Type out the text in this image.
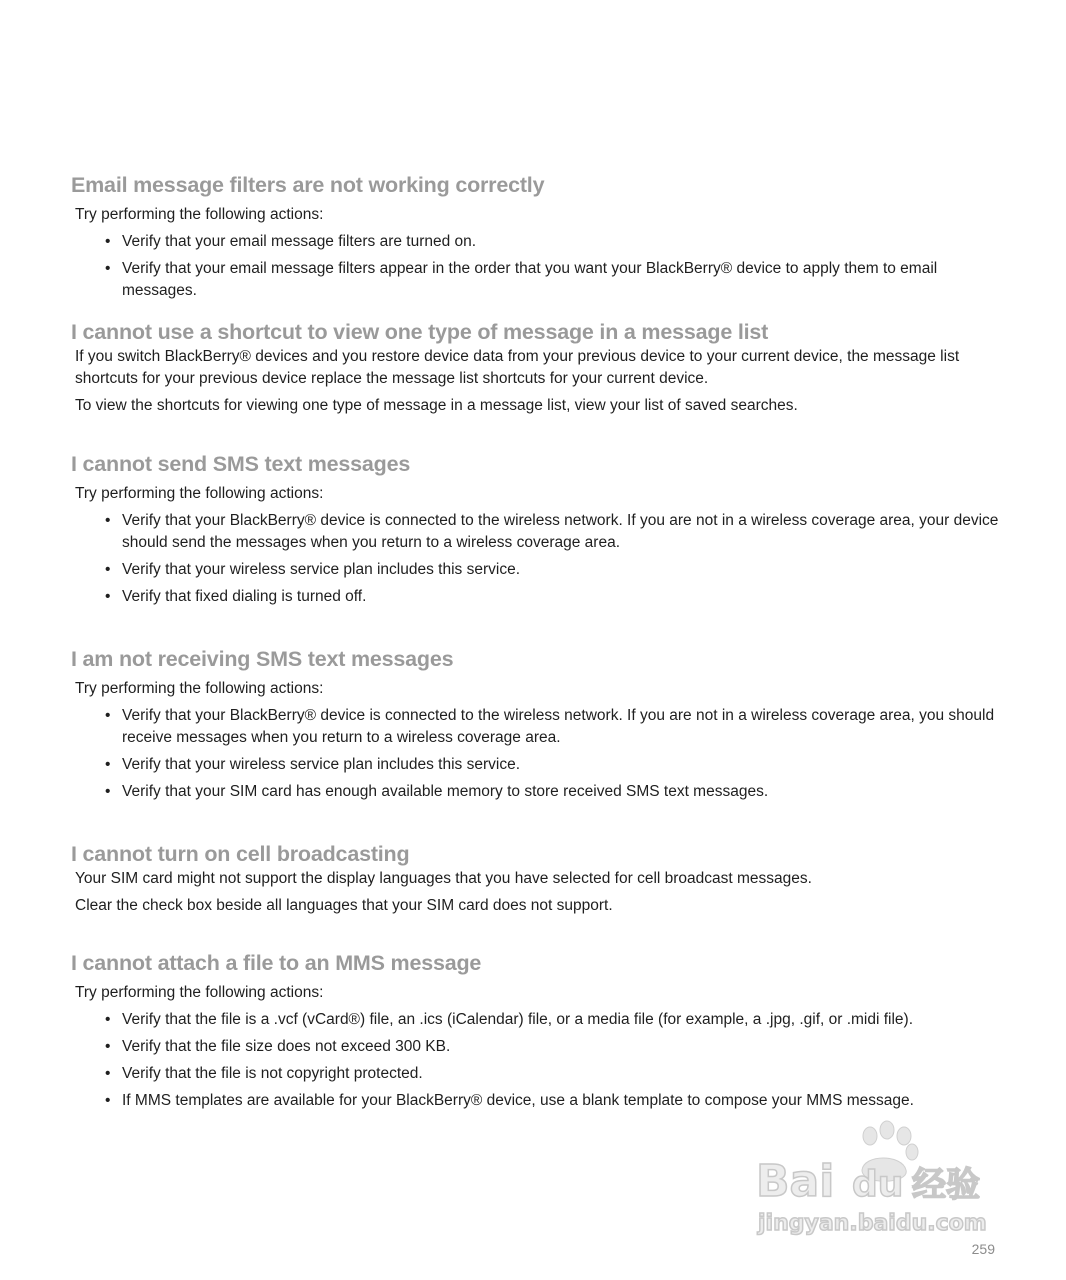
Email message filters are not working correctly

Try performing the following actions:

• Verify that your email message filters are turned on.
• Verify that your email message filters appear in the order that you want your BlackBerry® device to apply them to email messages.
I cannot use a shortcut to view one type of message in a message list

If you switch BlackBerry® devices and you restore device data from your previous device to your current device, the message list shortcuts for your previous device replace the message list shortcuts for your current device.

To view the shortcuts for viewing one type of message in a message list, view your list of saved searches.

I cannot send SMS text messages

Try performing the following actions:

• Verify that your BlackBerry® device is connected to the wireless network. If you are not in a wireless coverage area, your device should send the messages when you return to a wireless coverage area.
• Verify that your wireless service plan includes this service.
• Verify that fixed dialing is turned off.
I am not receiving SMS text messages

Try performing the following actions:

• Verify that your BlackBerry® device is connected to the wireless network. If you are not in a wireless coverage area, you should receive messages when you return to a wireless coverage area.
• Verify that your wireless service plan includes this service.
• Verify that your SIM card has enough available memory to store received SMS text messages.
I cannot turn on cell broadcasting

Your SIM card might not support the display languages that you have selected for cell broadcast messages.

Clear the check box beside all languages that your SIM card does not support.

I cannot attach a file to an MMS message

Try performing the following actions:

• Verify that the file is a .vcf (vCard®) file, an .ics (iCalendar) file, or a media file (for example, a .jpg, .gif, or .midi file).
• Verify that the file size does not exceed 300 KB.
• Verify that the file is not copyright protected.
• If MMS templates are available for your BlackBerry® device, use a blank template to compose your MMS message.
Bai du 经验
jingyan.baidu.com
259
